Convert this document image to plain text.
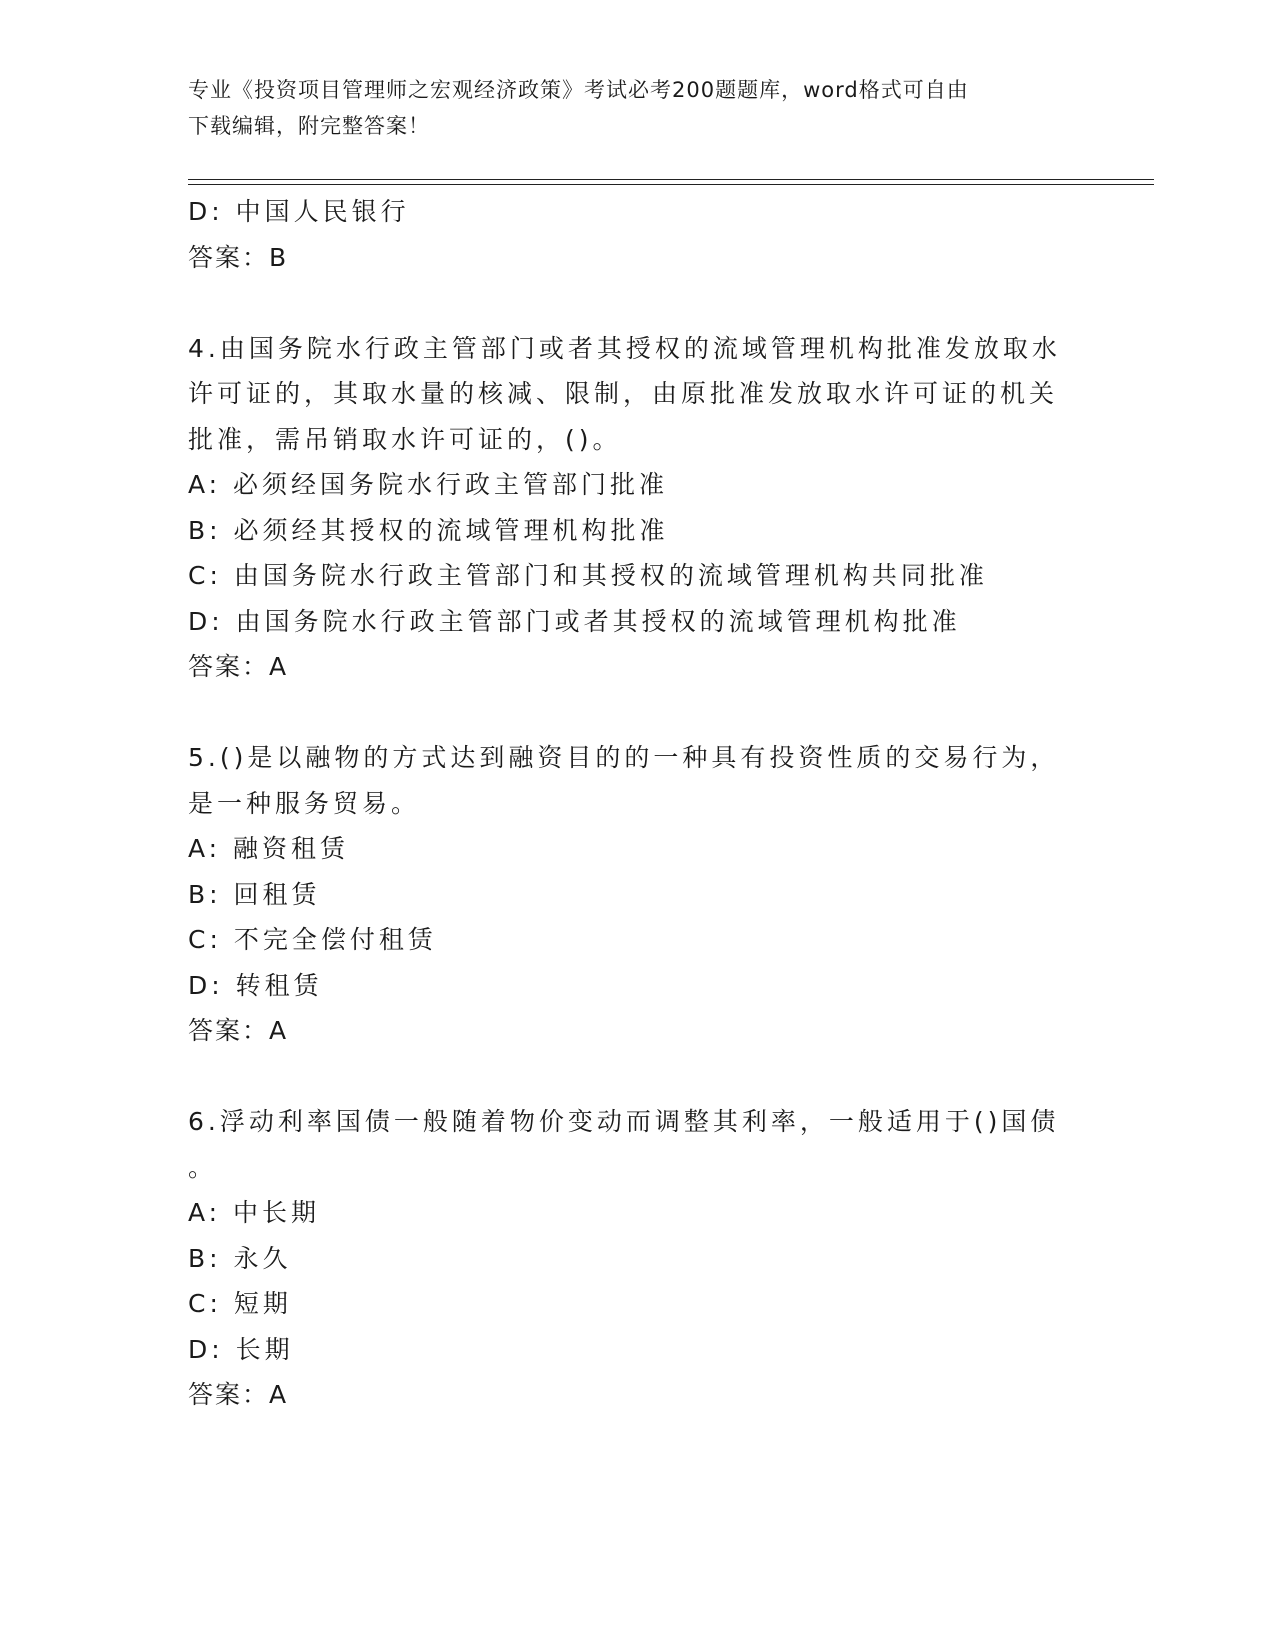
专业《投资项目管理师之宏观经济政策》考试必考200题题库，word格式可自由
下载编辑，附完整答案！

D: 中国人民银行

答案：B

4.由国务院水行政主管部门或者其授权的流域管理机构批准发放取水

许可证的，其取水量的核减、限制，由原批准发放取水许可证的机关

批准，需吊销取水许可证的，()。

A: 必须经国务院水行政主管部门批准

B: 必须经其授权的流域管理机构批准

C: 由国务院水行政主管部门和其授权的流域管理机构共同批准

D: 由国务院水行政主管部门或者其授权的流域管理机构批准

答案：A

5.()是以融物的方式达到融资目的的一种具有投资性质的交易行为，

是一种服务贸易。

A: 融资租赁

B: 回租赁

C: 不完全偿付租赁

D: 转租赁

答案：A

6.浮动利率国债一般随着物价变动而调整其利率，一般适用于()国债

。

A: 中长期

B: 永久

C: 短期

D: 长期

答案：A
